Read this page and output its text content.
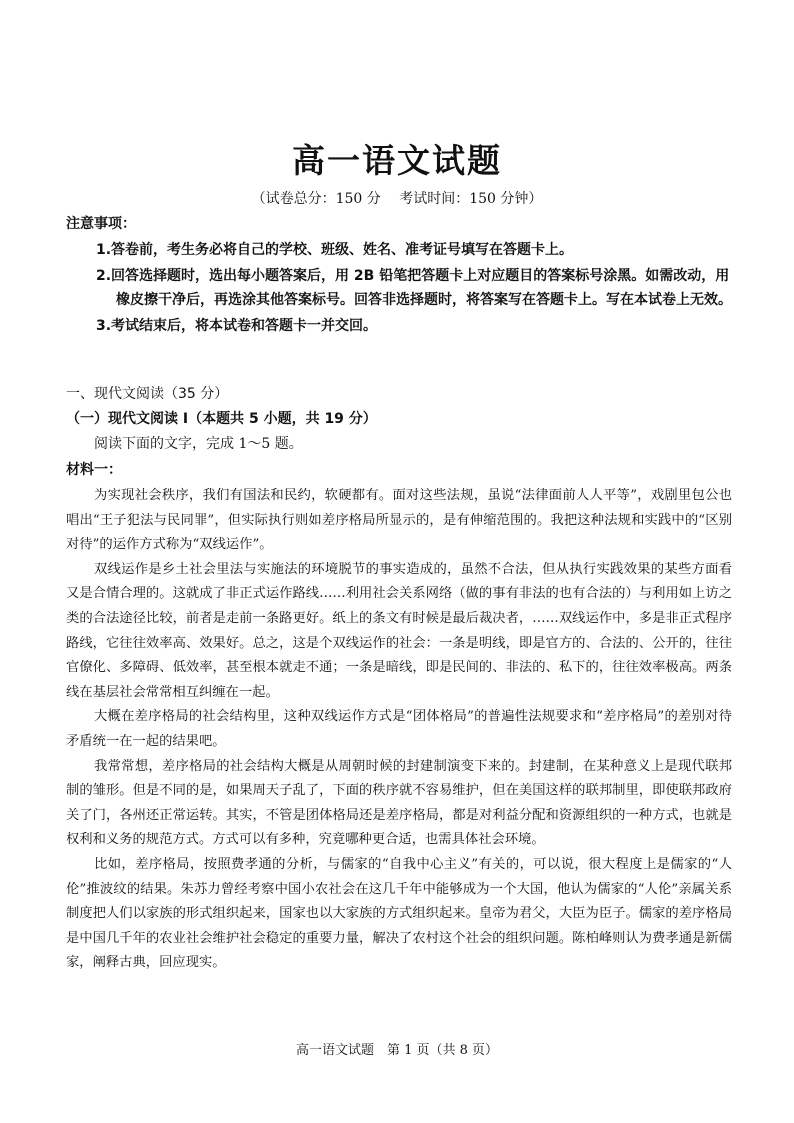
高一语文试题
（试卷总分：150 分　 考试时间：150 分钟）
注意事项：

1.答卷前，考生务必将自己的学校、班级、姓名、准考证号填写在答题卡上。

2.回答选择题时，选出每小题答案后，用 2B 铅笔把答题卡上对应题目的答案标号涂黑。如需改动，用橡皮擦干净后，再选涂其他答案标号。回答非选择题时，将答案写在答题卡上。写在本试卷上无效。

3.考试结束后，将本试卷和答题卡一并交回。

一、现代文阅读（35 分）
（一）现代文阅读 I（本题共 5 小题，共 19 分）
阅读下面的文字，完成 1～5 题。
材料一：

为实现社会秩序，我们有国法和民约，软硬都有。面对这些法规，虽说“法律面前人人平等”，戏剧里包公也唱出“王子犯法与民同罪”，但实际执行则如差序格局所显示的，是有伸缩范围的。我把这种法规和实践中的“区别对待”的运作方式称为“双线运作”。

双线运作是乡土社会里法与实施法的环境脱节的事实造成的，虽然不合法，但从执行实践效果的某些方面看又是合情合理的。这就成了非正式运作路线……利用社会关系网络（做的事有非法的也有合法的）与利用如上访之类的合法途径比较，前者是走前一条路更好。纸上的条文有时候是最后裁决者，……双线运作中，多是非正式程序路线，它往往效率高、效果好。总之，这是个双线运作的社会：一条是明线，即是官方的、合法的、公开的，往往官僚化、多障碍、低效率，甚至根本就走不通；一条是暗线，即是民间的、非法的、私下的，往往效率极高。两条线在基层社会常常相互纠缠在一起。

大概在差序格局的社会结构里，这种双线运作方式是“团体格局”的普遍性法规要求和“差序格局”的差别对待矛盾统一在一起的结果吧。

我常常想，差序格局的社会结构大概是从周朝时候的封建制演变下来的。封建制，在某种意义上是现代联邦制的雏形。但是不同的是，如果周天子乱了，下面的秩序就不容易维护，但在美国这样的联邦制里，即使联邦政府关了门，各州还正常运转。其实，不管是团体格局还是差序格局，都是对利益分配和资源组织的一种方式，也就是权利和义务的规范方式。方式可以有多种，究竟哪种更合适，也需具体社会环境。

比如，差序格局，按照费孝通的分析，与儒家的“自我中心主义”有关的，可以说，很大程度上是儒家的“人伦”推波纹的结果。朱苏力曾经考察中国小农社会在这几千年中能够成为一个大国，他认为儒家的“人伦”亲属关系制度把人们以家族的形式组织起来，国家也以大家族的方式组织起来。皇帝为君父，大臣为臣子。儒家的差序格局是中国几千年的农业社会维护社会稳定的重要力量，解决了农村这个社会的组织问题。陈柏峰则认为费孝通是新儒家，阐释古典，回应现实。

高一语文试题　第 1 页（共 8 页）
